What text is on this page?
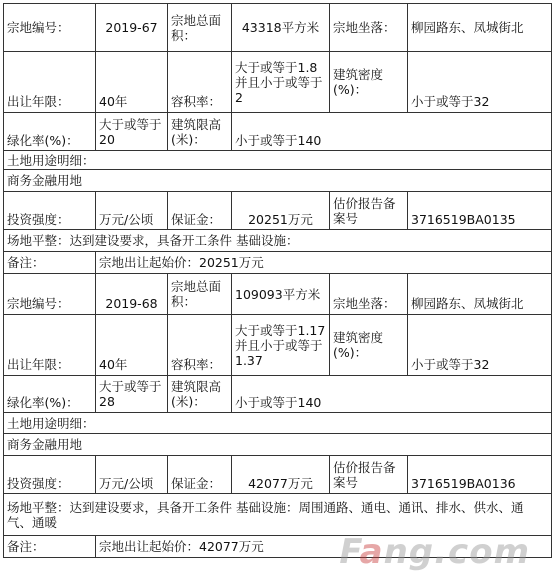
宗地编号：	2019-67	宗地总面积：	43318平方米	宗地坐落：	柳园路东、凤城街北
出让年限：	40年	容积率：	大于或等于1.8并且小于或等于2	建筑密度(%)：	小于或等于32
绿化率(%)：	大于或等于20	建筑限高(米)：	小于或等于140		
土地用途明细：					
商务金融用地					
投资强度：	万元/公顷	保证金：	20251万元	估价报告备案号	3716519BA0135
场地平整：达到建设要求，具备开工条件 基础设施：					
备注：	宗地出让起始价：20251万元				
宗地编号：	2019-68	宗地总面积：	109093平方米	宗地坐落：	柳园路东、凤城街北
出让年限：	40年	容积率：	大于或等于1.17并且小于或等于1.37	建筑密度(%)：	小于或等于32
绿化率(%)：	大于或等于28	建筑限高(米)：	小于或等于140		
土地用途明细：					
商务金融用地					
投资强度：	万元/公顷	保证金：	42077万元	估价报告备案号	3716519BA0136
场地平整：达到建设要求，具备开工条件 基础设施：周围通路、通电、通讯、排水、供水、通气、通暖					
备注：	宗地出让起始价：42077万元				Fang.com
